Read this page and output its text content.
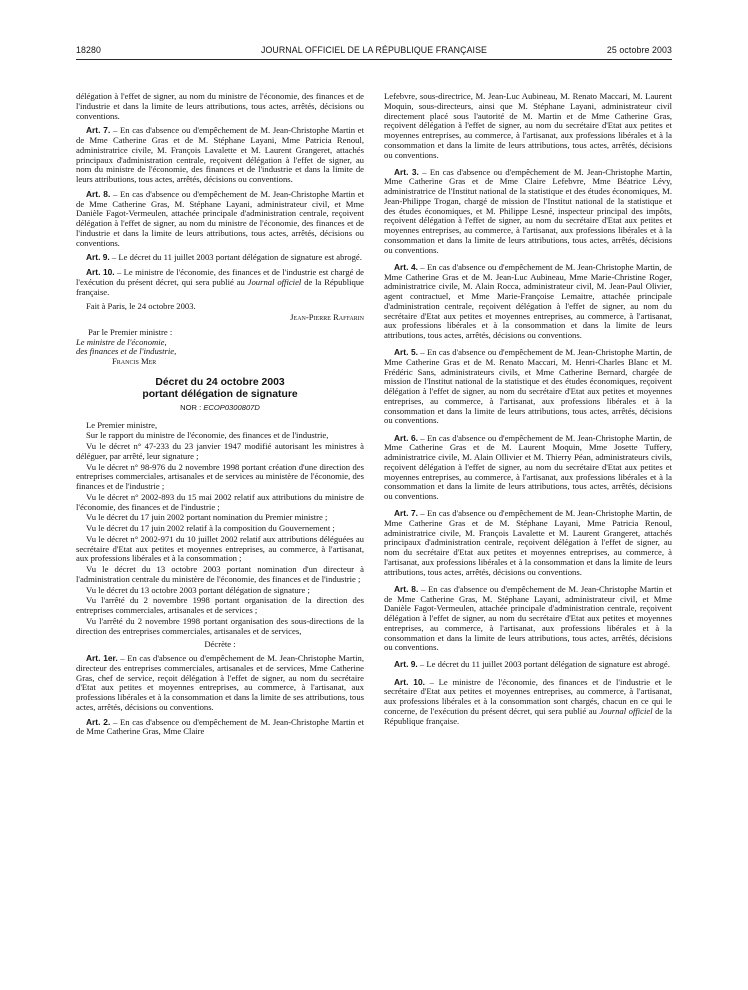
18280	JOURNAL OFFICIEL DE LA RÉPUBLIQUE FRANÇAISE	25 octobre 2003

délégation à l'effet de signer, au nom du ministre de l'économie, des finances et de l'industrie et dans la limite de leurs attributions, tous actes, arrêtés, décisions ou conventions.

Art. 7. – En cas d'absence ou d'empêchement de M. Jean-Christophe Martin et de Mme Catherine Gras et de M. Stéphane Layani, Mme Patricia Renoul, administratrice civile, M. François Lavalette et M. Laurent Grangeret, attachés principaux d'administration centrale, reçoivent délégation à l'effet de signer, au nom du ministre de l'économie, des finances et de l'industrie et dans la limite de leurs attributions, tous actes, arrêtés, décisions ou conventions.

Art. 8. – En cas d'absence ou d'empêchement de M. Jean-Christophe Martin et de Mme Catherine Gras, M. Stéphane Layani, administrateur civil, et Mme Danièle Fagot-Vermeulen, attachée principale d'administration centrale, reçoivent délégation à l'effet de signer, au nom du ministre de l'économie, des finances et de l'industrie et dans la limite de leurs attributions, tous actes, arrêtés, décisions ou conventions.

Art. 9. – Le décret du 11 juillet 2003 portant délégation de signature est abrogé.

Art. 10. – Le ministre de l'économie, des finances et de l'industrie est chargé de l'exécution du présent décret, qui sera publié au Journal officiel de la République française.

Fait à Paris, le 24 octobre 2003.

Jean-Pierre Raffarin

Par le Premier ministre :

Le ministre de l'économie,

des finances et de l'industrie,

Francis Mer

Décret du 24 octobre 2003
portant délégation de signature
NOR : ECOP0300807D

Le Premier ministre,

Sur le rapport du ministre de l'économie, des finances et de l'industrie,

Vu le décret n° 47-233 du 23 janvier 1947 modifié autorisant les ministres à déléguer, par arrêté, leur signature ;

Vu le décret n° 98-976 du 2 novembre 1998 portant création d'une direction des entreprises commerciales, artisanales et de services au ministère de l'économie, des finances et de l'industrie ;

Vu le décret n° 2002-893 du 15 mai 2002 relatif aux attributions du ministre de l'économie, des finances et de l'industrie ;

Vu le décret du 17 juin 2002 portant nomination du Premier ministre ;

Vu le décret du 17 juin 2002 relatif à la composition du Gouvernement ;

Vu le décret n° 2002-971 du 10 juillet 2002 relatif aux attributions déléguées au secrétaire d'Etat aux petites et moyennes entreprises, au commerce, à l'artisanat, aux professions libérales et à la consommation ;

Vu le décret du 13 octobre 2003 portant nomination d'un directeur à l'administration centrale du ministère de l'économie, des finances et de l'industrie ;

Vu le décret du 13 octobre 2003 portant délégation de signature ;

Vu l'arrêté du 2 novembre 1998 portant organisation de la direction des entreprises commerciales, artisanales et de services ;

Vu l'arrêté du 2 novembre 1998 portant organisation des sous-directions de la direction des entreprises commerciales, artisanales et de services,

Décrète :

Art. 1er. – En cas d'absence ou d'empêchement de M. Jean-Christophe Martin, directeur des entreprises commerciales, artisanales et de services, Mme Catherine Gras, chef de service, reçoit délégation à l'effet de signer, au nom du secrétaire d'Etat aux petites et moyennes entreprises, au commerce, à l'artisanat, aux professions libérales et à la consommation et dans la limite de ses attributions, tous actes, arrêtés, décisions ou conventions.

Art. 2. – En cas d'absence ou d'empêchement de M. Jean-Christophe Martin et de Mme Catherine Gras, Mme Claire

Lefebvre, sous-directrice, M. Jean-Luc Aubineau, M. Renato Maccari, M. Laurent Moquin, sous-directeurs, ainsi que M. Stéphane Layani, administrateur civil directement placé sous l'autorité de M. Martin et de Mme Catherine Gras, reçoivent délégation à l'effet de signer, au nom du secrétaire d'Etat aux petites et moyennes entreprises, au commerce, à l'artisanat, aux professions libérales et à la consommation et dans la limite de leurs attributions, tous actes, arrêtés, décisions ou conventions.

Art. 3. – En cas d'absence ou d'empêchement de M. Jean-Christophe Martin, Mme Catherine Gras et de Mme Claire Lefebvre, Mme Béatrice Lévy, administratrice de l'Institut national de la statistique et des études économiques, M. Jean-Philippe Trogan, chargé de mission de l'Institut national de la statistique et des études économiques, et M. Philippe Lesné, inspecteur principal des impôts, reçoivent délégation à l'effet de signer, au nom du secrétaire d'Etat aux petites et moyennes entreprises, au commerce, à l'artisanat, aux professions libérales et à la consommation et dans la limite de leurs attributions, tous actes, arrêtés, décisions ou conventions.

Art. 4. – En cas d'absence ou d'empêchement de M. Jean-Christophe Martin, de Mme Catherine Gras et de M. Jean-Luc Aubineau, Mme Marie-Christine Roger, administratrice civile, M. Alain Rocca, administrateur civil, M. Jean-Paul Olivier, agent contractuel, et Mme Marie-Françoise Lemaitre, attachée principale d'administration centrale, reçoivent délégation à l'effet de signer, au nom du secrétaire d'Etat aux petites et moyennes entreprises, au commerce, à l'artisanat, aux professions libérales et à la consommation et dans la limite de leurs attributions, tous actes, arrêtés, décisions ou conventions.

Art. 5. – En cas d'absence ou d'empêchement de M. Jean-Christophe Martin, de Mme Catherine Gras et de M. Renato Maccari, M. Henri-Charles Blanc et M. Frédéric Sans, administrateurs civils, et Mme Catherine Bernard, chargée de mission de l'Institut national de la statistique et des études économiques, reçoivent délégation à l'effet de signer, au nom du secrétaire d'Etat aux petites et moyennes entreprises, au commerce, à l'artisanat, aux professions libérales et à la consommation et dans la limite de leurs attributions, tous actes, arrêtés, décisions ou conventions.

Art. 6. – En cas d'absence ou d'empêchement de M. Jean-Christophe Martin, de Mme Catherine Gras et de M. Laurent Moquin, Mme Josette Tuffery, administratrice civile, M. Alain Ollivier et M. Thierry Péan, administrateurs civils, reçoivent délégation à l'effet de signer, au nom du secrétaire d'Etat aux petites et moyennes entreprises, au commerce, à l'artisanat, aux professions libérales et à la consommation et dans la limite de leurs attributions, tous actes, arrêtés, décisions ou conventions.

Art. 7. – En cas d'absence ou d'empêchement de M. Jean-Christophe Martin, de Mme Catherine Gras et de M. Stéphane Layani, Mme Patricia Renoul, administratrice civile, M. François Lavalette et M. Laurent Grangeret, attachés principaux d'administration centrale, reçoivent délégation à l'effet de signer, au nom du secrétaire d'Etat aux petites et moyennes entreprises, au commerce, à l'artisanat, aux professions libérales et à la consommation et dans la limite de leurs attributions, tous actes, arrêtés, décisions ou conventions.

Art. 8. – En cas d'absence ou d'empêchement de M. Jean-Christophe Martin et de Mme Catherine Gras, M. Stéphane Layani, administrateur civil, et Mme Danièle Fagot-Vermeulen, attachée principale d'administration centrale, reçoivent délégation à l'effet de signer, au nom du secrétaire d'Etat aux petites et moyennes entreprises, au commerce, à l'artisanat, aux professions libérales et à la consommation et dans la limite de leurs attributions, tous actes, arrêtés, décisions ou conventions.

Art. 9. – Le décret du 11 juillet 2003 portant délégation de signature est abrogé.

Art. 10. – Le ministre de l'économie, des finances et de l'industrie et le secrétaire d'Etat aux petites et moyennes entreprises, au commerce, à l'artisanat, aux professions libérales et à la consommation sont chargés, chacun en ce qui le concerne, de l'exécution du présent décret, qui sera publié au Journal officiel de la République française.
